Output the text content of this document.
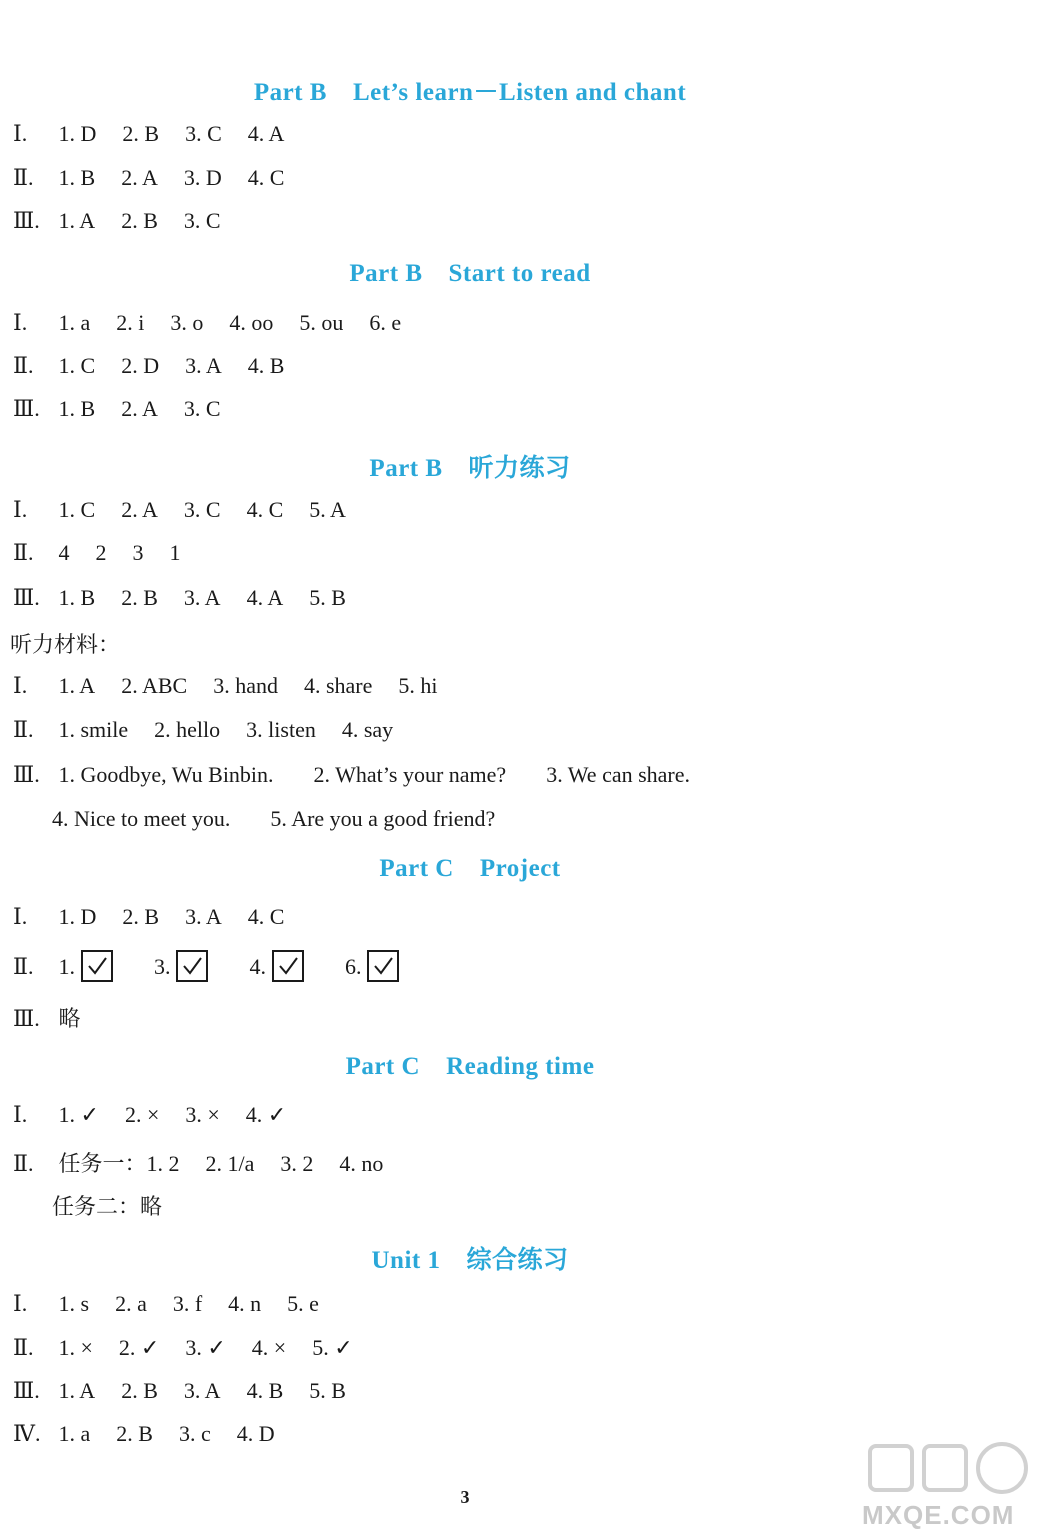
Part B Let’s learn－Listen and chant
Ⅰ. 1. D 2. B 3. C 4. A
Ⅱ. 1. B 2. A 3. D 4. C
Ⅲ. 1. A 2. B 3. C
Part B Start to read
Ⅰ. 1. a 2. i 3. o 4. oo 5. ou 6. e
Ⅱ. 1. C 2. D 3. A 4. B
Ⅲ. 1. B 2. A 3. C
Part B 听力练习
Ⅰ. 1. C 2. A 3. C 4. C 5. A
Ⅱ. 4 2 3 1
Ⅲ. 1. B 2. B 3. A 4. A 5. B
听力材料：
Ⅰ. 1. A 2. ABC 3. hand 4. share 5. hi
Ⅱ. 1. smile 2. hello 3. listen 4. say
Ⅲ. 1. Goodbye, Wu Binbin. 2. What’s your name? 3. We can share.
4. Nice to meet you. 5. Are you a good friend?
Part C Project
Ⅰ. 1. D 2. B 3. A 4. C
Ⅱ. 1.	3.	4.	6.
Ⅲ. 略
Part C Reading time
Ⅰ. 1. ✓ 2. × 3. × 4. ✓
Ⅱ. 任务一：1. 2 2. 1/a 3. 2 4. no
任务二：略
Unit 1 综合练习
Ⅰ. 1. s 2. a 3. f 4. n 5. e
Ⅱ. 1. × 2. ✓ 3. ✓ 4. × 5. ✓
Ⅲ. 1. A 2. B 3. A 4. B 5. B
Ⅳ. 1. a 2. B 3. c 4. D
3
MXQE.COM
